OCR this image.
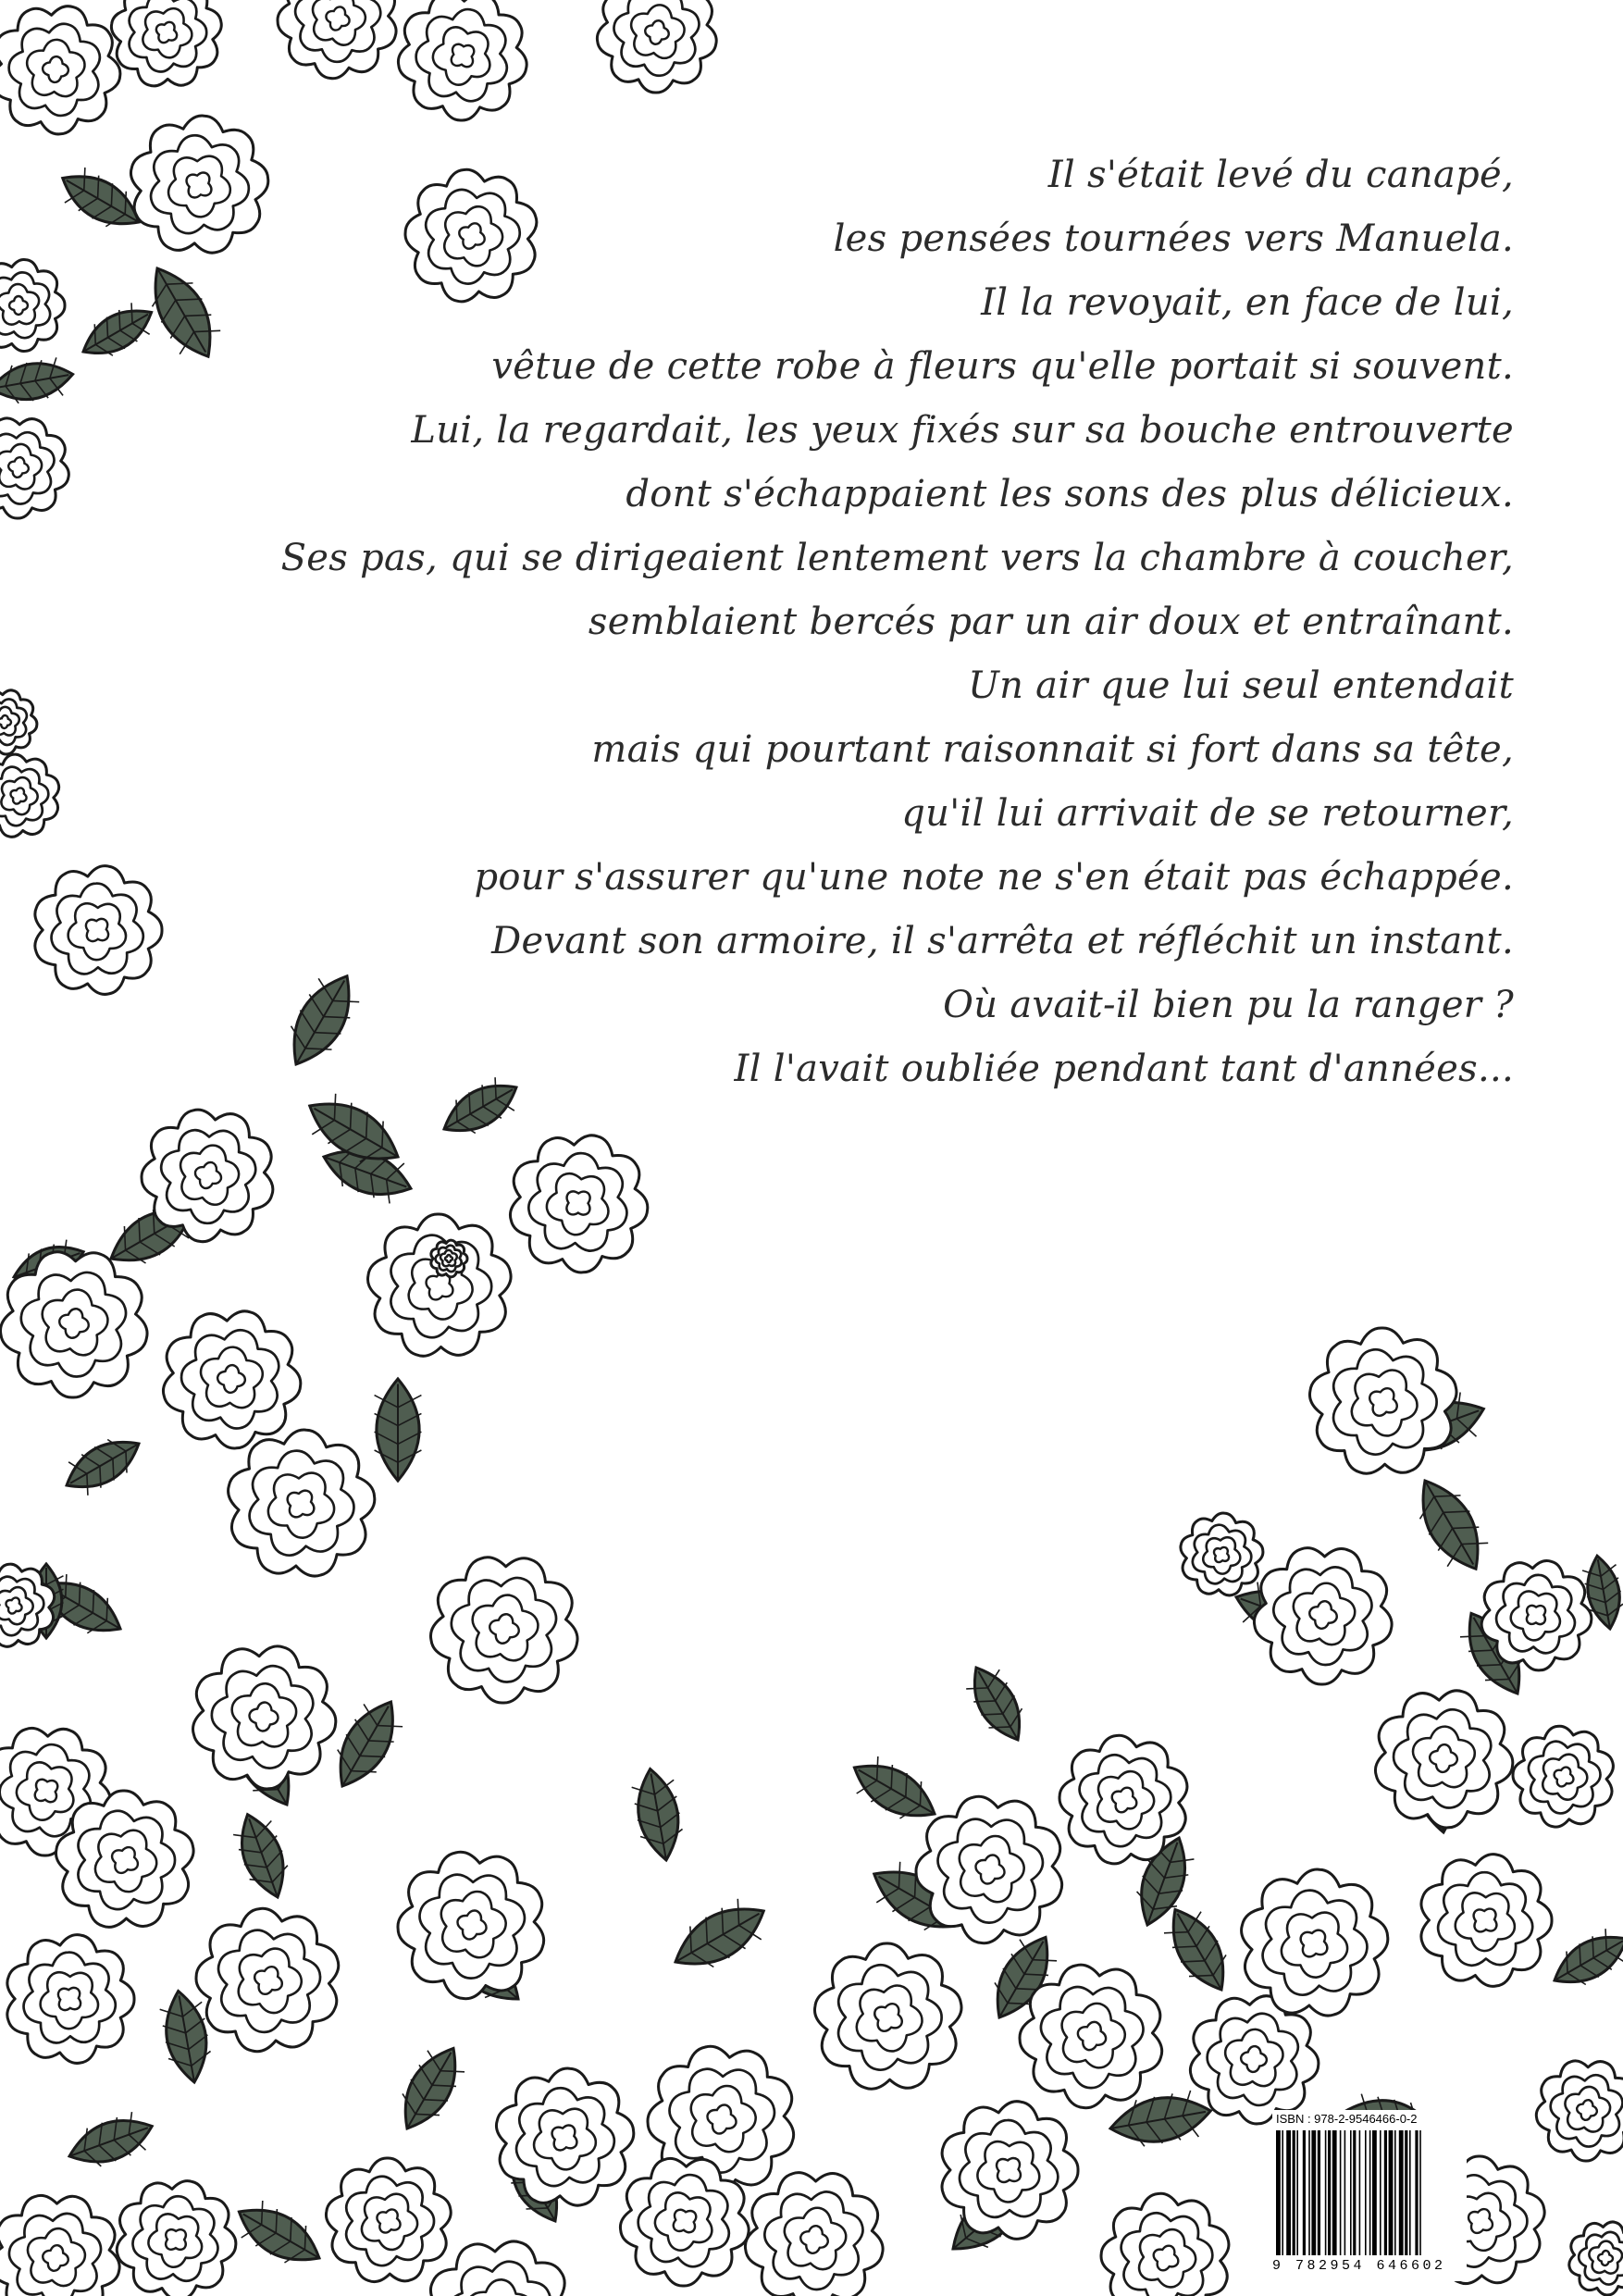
Il s'était levé du canapé,
les pensées tournées vers Manuela.
Il la revoyait, en face de lui,
vêtue de cette robe à fleurs qu'elle portait si souvent.
Lui, la regardait, les yeux fixés sur sa bouche entrouverte
dont s'échappaient les sons des plus délicieux.
Ses pas, qui se dirigeaient lentement vers la chambre à coucher,
semblaient bercés par un air doux et entraînant.
Un air que lui seul entendait
mais qui pourtant raisonnait si fort dans sa tête,
qu'il lui arrivait de se retourner,
pour s'assurer qu'une note ne s'en était pas échappée.
Devant son armoire, il s'arrêta et réfléchit un instant.
Où avait-il bien pu la ranger ?
Il l'avait oubliée pendant tant d'années...
ISBN : 978-2-9546466-0-2
9 782954 646602
